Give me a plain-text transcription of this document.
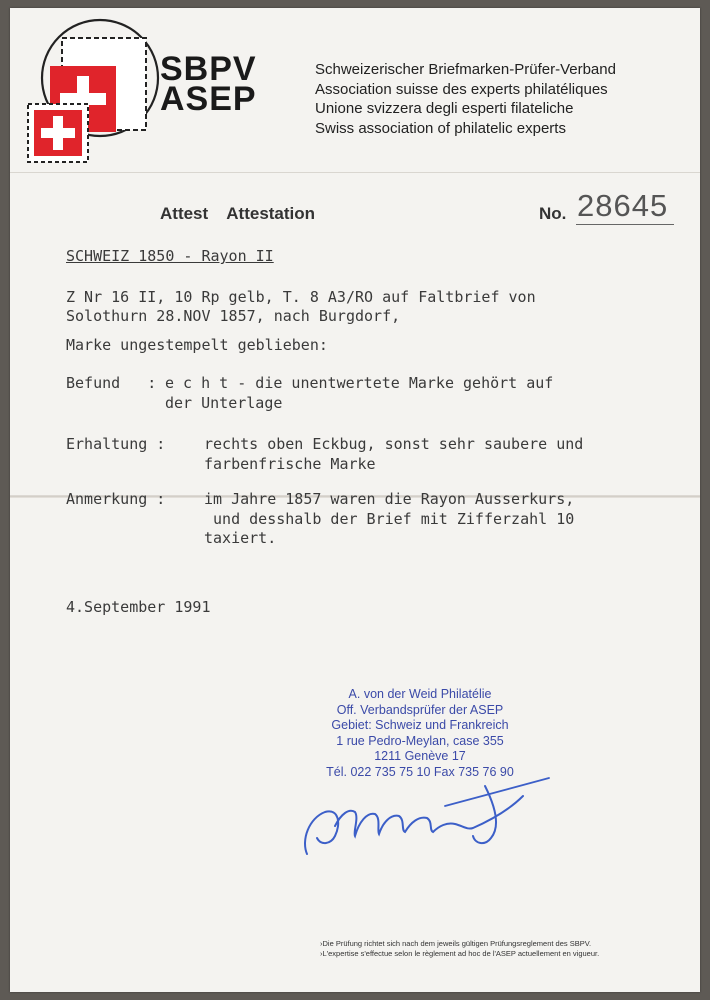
SBPV
ASEP
Schweizerischer Briefmarken-Prüfer-Verband
Association suisse des experts philatéliques
Unione svizzera degli esperti filateliche
Swiss association of philatelic experts
Attest Attestation	No. 28645
SCHWEIZ 1850 - Rayon II
Z Nr 16 II, 10 Rp gelb, T. 8 A3/RO auf Faltbrief von
Solothurn 28.NOV 1857, nach Burgdorf,
Marke ungestempelt geblieben:
Befund   : e c h t - die unentwertete Marke gehört auf
der Unterlage
Erhaltung :	rechts oben Eckbug, sonst sehr saubere und
farbenfrische Marke
Anmerkung :	im Jahre 1857 waren die Rayon Ausserkurs,
und desshalb der Brief mit Zifferzahl 10
taxiert.
4.September 1991
A. von der Weid Philatélie
Off. Verbandsprüfer der ASEP
Gebiet: Schweiz und Frankreich
1 rue Pedro-Meylan, case 355
1211 Genève 17
Tél. 022 735 75 10 Fax 735 76 90
›Die Prüfung richtet sich nach dem jeweils gültigen Prüfungsreglement des SBPV.
›L'expertise s'effectue selon le règlement ad hoc de l'ASEP actuellement en vigueur.
